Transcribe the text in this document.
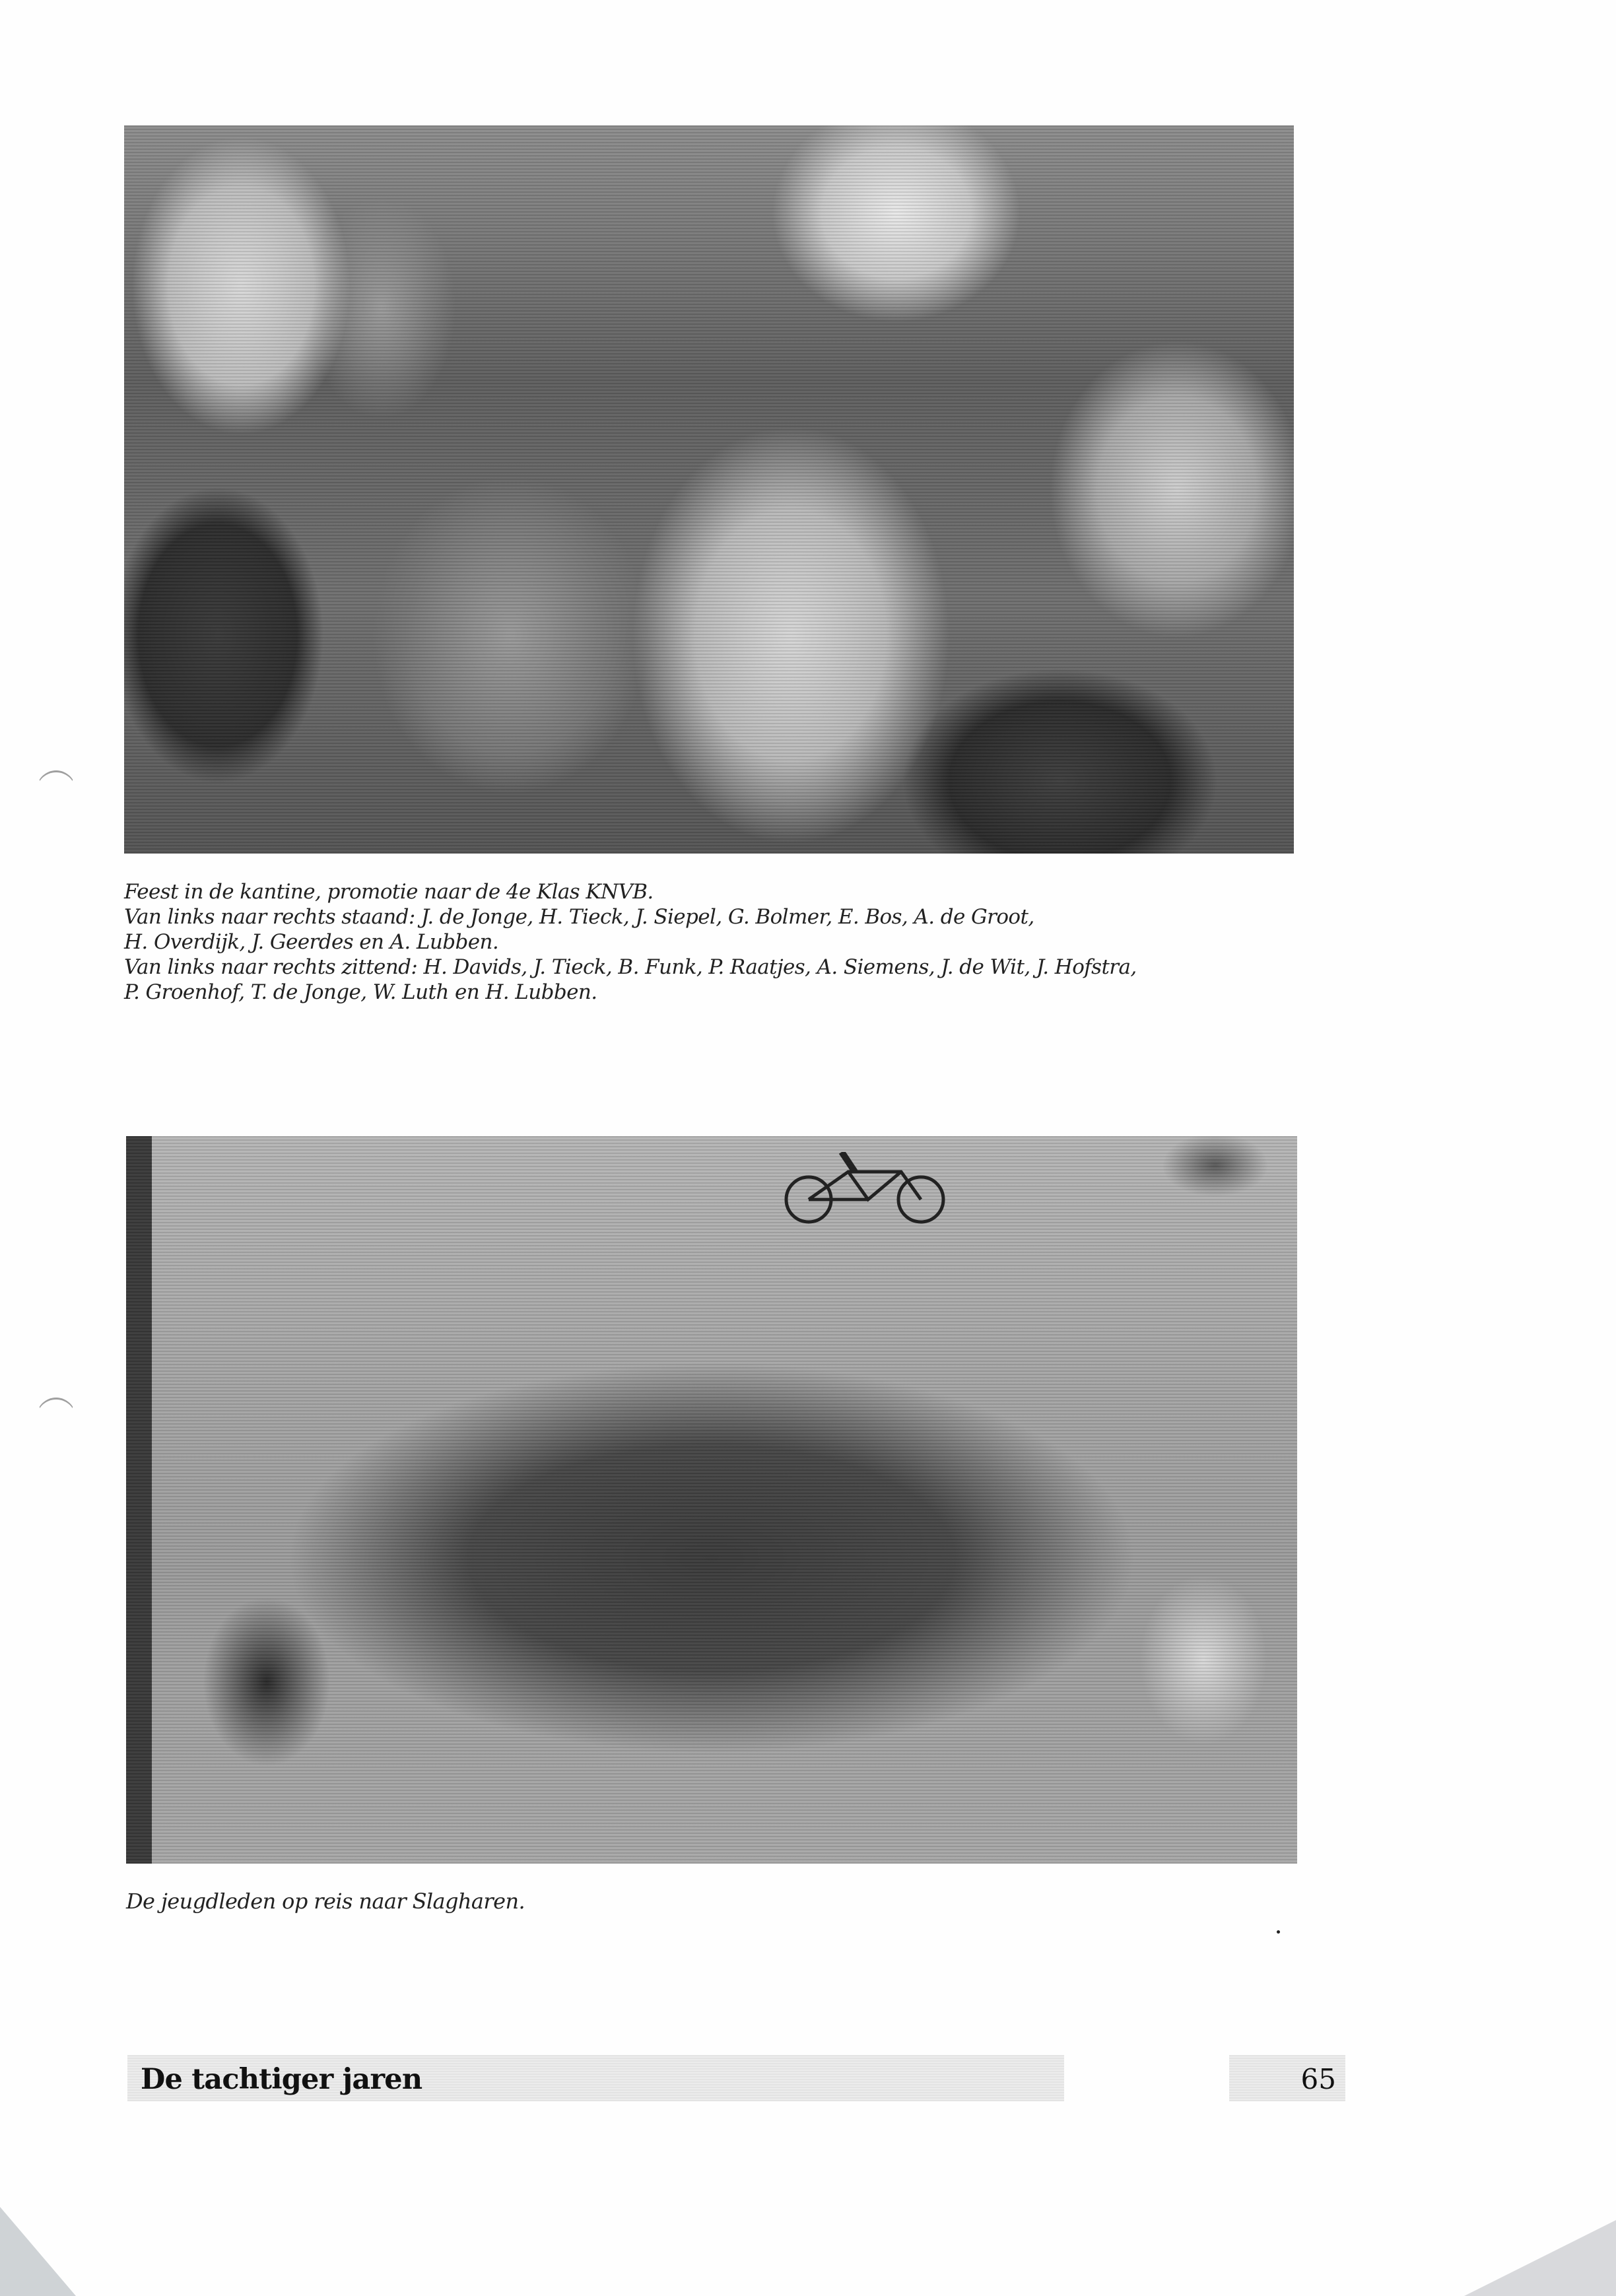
Feest in de kantine, promotie naar de 4e Klas KNVB.
Van links naar rechts staand: J. de Jonge, H. Tieck, J. Siepel, G. Bolmer, E. Bos, A. de Groot,
H. Overdijk, J. Geerdes en A. Lubben.
Van links naar rechts zittend: H. Davids, J. Tieck, B. Funk, P. Raatjes, A. Siemens, J. de Wit, J. Hofstra,
P. Groenhof, T. de Jonge, W. Luth en H. Lubben.

De jeugdleden op reis naar Slagharen.

De tachtiger jaren	65
